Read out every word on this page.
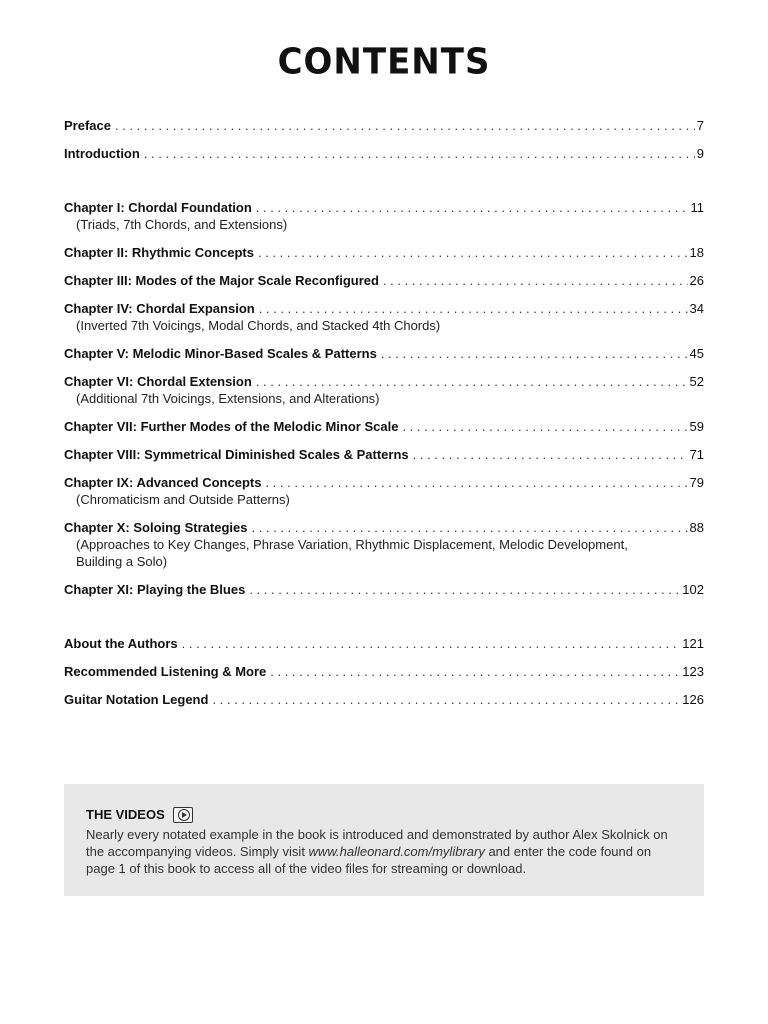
CONTENTS
Preface . . .	7
Introduction . . .	9
Chapter I: Chordal Foundation . . .	11
(Triads, 7th Chords, and Extensions)
Chapter II: Rhythmic Concepts . . .	18
Chapter III: Modes of the Major Scale Reconfigured . . .	26
Chapter IV: Chordal Expansion . . .	34
(Inverted 7th Voicings, Modal Chords, and Stacked 4th Chords)
Chapter V: Melodic Minor-Based Scales & Patterns . . .	45
Chapter VI: Chordal Extension . . .	52
(Additional 7th Voicings, Extensions, and Alterations)
Chapter VII: Further Modes of the Melodic Minor Scale . . .	59
Chapter VIII: Symmetrical Diminished Scales & Patterns . . .	71
Chapter IX: Advanced Concepts . . .	79
(Chromaticism and Outside Patterns)
Chapter X: Soloing Strategies . . .	88
(Approaches to Key Changes, Phrase Variation, Rhythmic Displacement, Melodic Development, Building a Solo)
Chapter XI: Playing the Blues . . .	102
About the Authors . . .	121
Recommended Listening & More . . .	123
Guitar Notation Legend . . .	126
THE VIDEOS

Nearly every notated example in the book is introduced and demonstrated by author Alex Skolnick on the accompanying videos. Simply visit www.halleonard.com/mylibrary and enter the code found on page 1 of this book to access all of the video files for streaming or download.
